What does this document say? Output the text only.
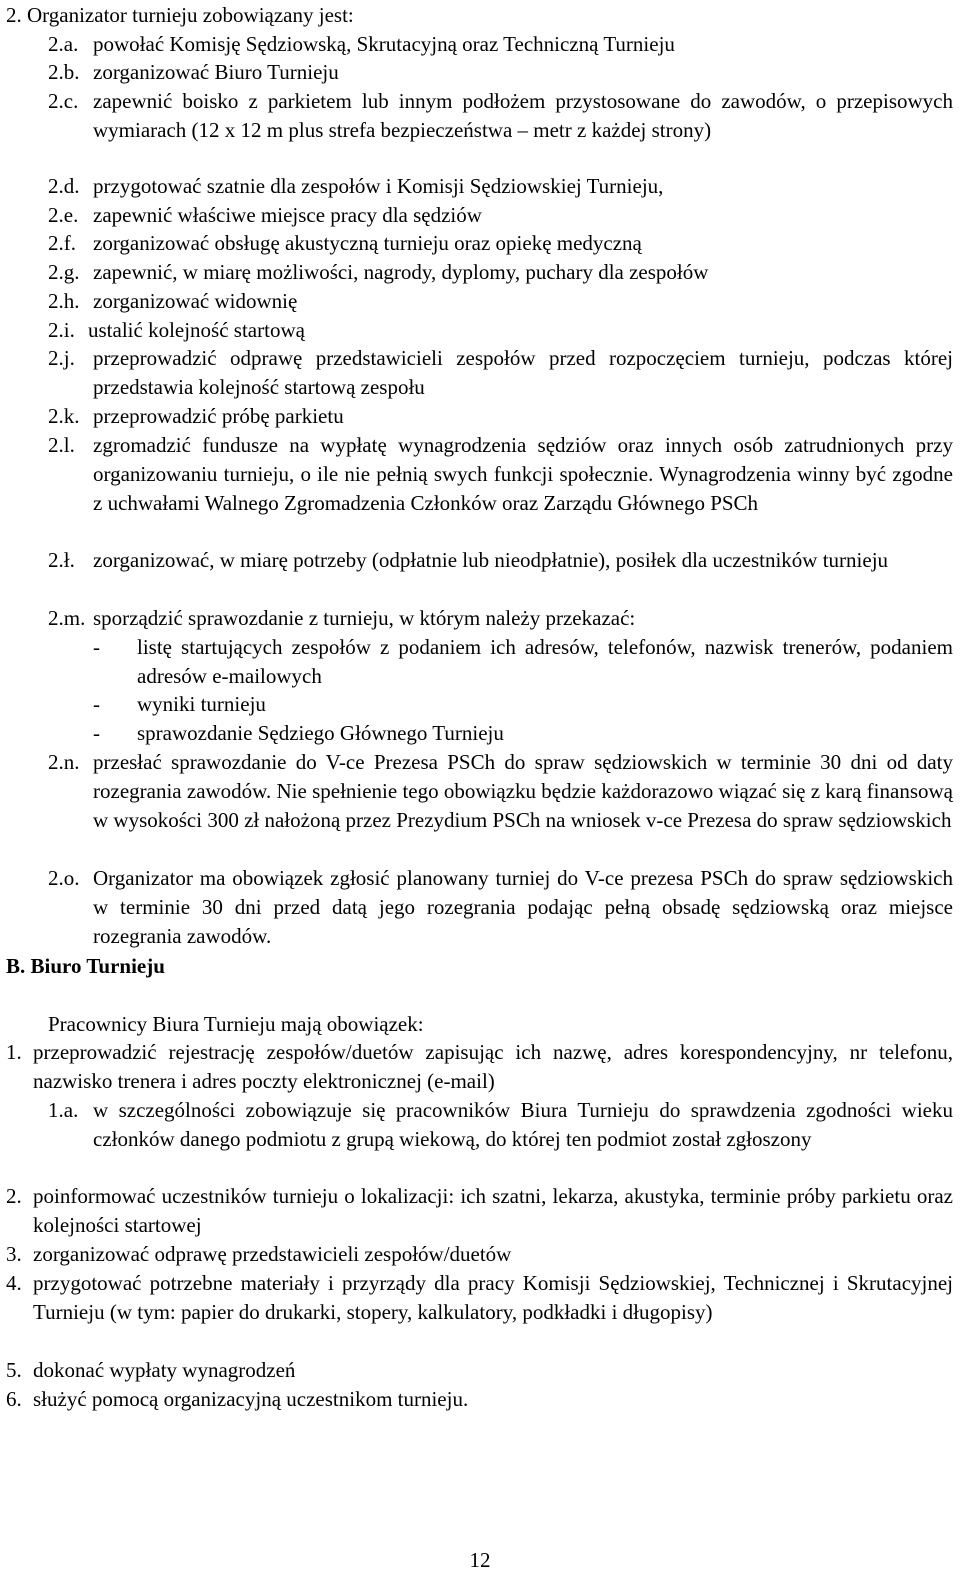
2. Organizator turnieju zobowiązany jest:
2.a. powołać Komisję Sędziowską, Skrutacyjną oraz Techniczną Turnieju
2.b. zorganizować Biuro Turnieju
2.c. zapewnić boisko z parkietem lub innym podłożem przystosowane do zawodów, o przepisowych wymiarach (12 x 12 m plus strefa bezpieczeństwa – metr z każdej strony)
2.d. przygotować szatnie dla zespołów i Komisji Sędziowskiej Turnieju,
2.e. zapewnić właściwe miejsce pracy dla sędziów
2.f. zorganizować obsługę akustyczną turnieju oraz opiekę medyczną
2.g. zapewnić, w miarę możliwości, nagrody, dyplomy, puchary dla zespołów
2.h. zorganizować widownię
2.i. ustalić kolejność startową
2.j. przeprowadzić odprawę przedstawicieli zespołów przed rozpoczęciem turnieju, podczas której przedstawia kolejność startową zespołu
2.k. przeprowadzić próbę parkietu
2.l. zgromadzić fundusze na wypłatę wynagrodzenia sędziów oraz innych osób zatrudnionych przy organizowaniu turnieju, o ile nie pełnią swych funkcji społecznie. Wynagrodzenia winny być zgodne z uchwałami Walnego Zgromadzenia Członków oraz Zarządu Głównego PSCh
2.ł. zorganizować, w miarę potrzeby (odpłatnie lub nieodpłatnie), posiłek dla uczestników turnieju
2.m. sporządzić sprawozdanie z turnieju, w którym należy przekazać:
- listę startujących zespołów z podaniem ich adresów, telefonów, nazwisk trenerów, podaniem adresów e-mailowych
- wyniki turnieju
- sprawozdanie Sędziego Głównego Turnieju
2.n. przesłać sprawozdanie do V-ce Prezesa PSCh do spraw sędziowskich w terminie 30 dni od daty rozegrania zawodów. Nie spełnienie tego obowiązku będzie każdorazowo wiązać się z karą finansową w wysokości 300 zł nałożoną przez Prezydium PSCh na wniosek v-ce Prezesa do spraw sędziowskich
2.o. Organizator ma obowiązek zgłosić planowany turniej do V-ce prezesa PSCh do spraw sędziowskich w terminie 30 dni przed datą jego rozegrania podając pełną obsadę sędziowską oraz miejsce rozegrania zawodów.
B. Biuro Turnieju
Pracownicy Biura Turnieju mają obowiązek:
1. przeprowadzić rejestrację zespołów/duetów zapisując ich nazwę, adres korespondencyjny, nr telefonu, nazwisko trenera i adres poczty elektronicznej (e-mail)
1.a. w szczególności zobowiązuje się pracowników Biura Turnieju do sprawdzenia zgodności wieku członków danego podmiotu z grupą wiekową, do której ten podmiot został zgłoszony
2. poinformować uczestników turnieju o lokalizacji: ich szatni, lekarza, akustyka, terminie próby parkietu oraz kolejności startowej
3. zorganizować odprawę przedstawicieli zespołów/duetów
4. przygotować potrzebne materiały i przyrządy dla pracy Komisji Sędziowskiej, Technicznej i Skrutacyjnej Turnieju (w tym: papier do drukarki, stopery, kalkulatory, podkładki i długopisy)
5. dokonać wypłaty wynagrodzeń
6. służyć pomocą organizacyjną uczestnikom turnieju.
12
